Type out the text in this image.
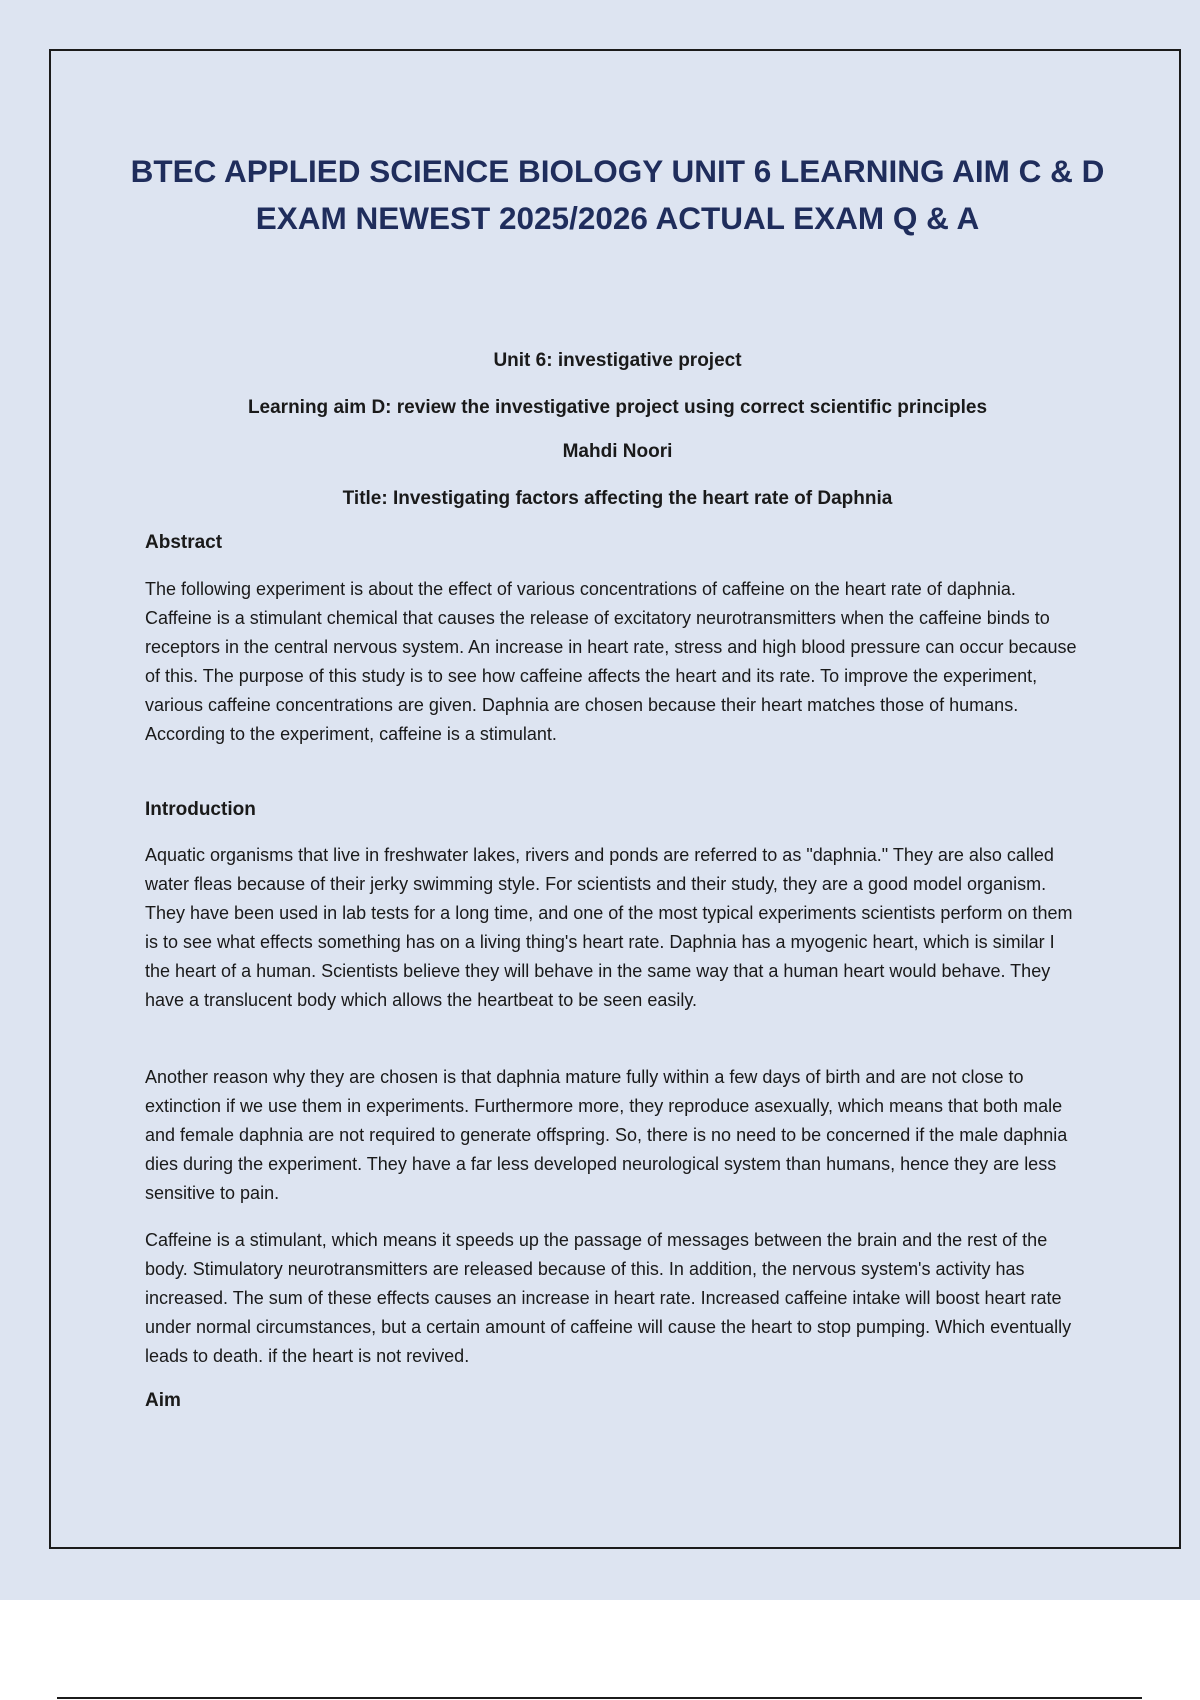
BTEC APPLIED SCIENCE BIOLOGY UNIT 6 LEARNING AIM C & D
EXAM NEWEST 2025/2026 ACTUAL EXAM Q & A

Unit 6: investigative project

Learning aim D: review the investigative project using correct scientific principles

Mahdi Noori

Title: Investigating factors affecting the heart rate of Daphnia

Abstract

The following experiment is about the effect of various concentrations of caffeine on the heart rate of daphnia. Caffeine is a stimulant chemical that causes the release of excitatory neurotransmitters when the caffeine binds to receptors in the central nervous system. An increase in heart rate, stress and high blood pressure can occur because of this. The purpose of this study is to see how caffeine affects the heart and its rate. To improve the experiment, various caffeine concentrations are given. Daphnia are chosen because their heart matches those of humans. According to the experiment, caffeine is a stimulant.

Introduction

Aquatic organisms that live in freshwater lakes, rivers and ponds are referred to as "daphnia." They are also called water fleas because of their jerky swimming style. For scientists and their study, they are a good model organism. They have been used in lab tests for a long time, and one of the most typical experiments scientists perform on them is to see what effects something has on a living thing's heart rate. Daphnia has a myogenic heart, which is similar I the heart of a human. Scientists believe they will behave in the same way that a human heart would behave. They have a translucent body which allows the heartbeat to be seen easily.

Another reason why they are chosen is that daphnia mature fully within a few days of birth and are not close to extinction if we use them in experiments. Furthermore more, they reproduce asexually, which means that both male and female daphnia are not required to generate offspring. So, there is no need to be concerned if the male daphnia dies during the experiment. They have a far less developed neurological system than humans, hence they are less sensitive to pain.

Caffeine is a stimulant, which means it speeds up the passage of messages between the brain and the rest of the body. Stimulatory neurotransmitters are released because of this. In addition, the nervous system's activity has increased. The sum of these effects causes an increase in heart rate. Increased caffeine intake will boost heart rate under normal circumstances, but a certain amount of caffeine will cause the heart to stop pumping. Which eventually leads to death. if the heart is not revived.

Aim
